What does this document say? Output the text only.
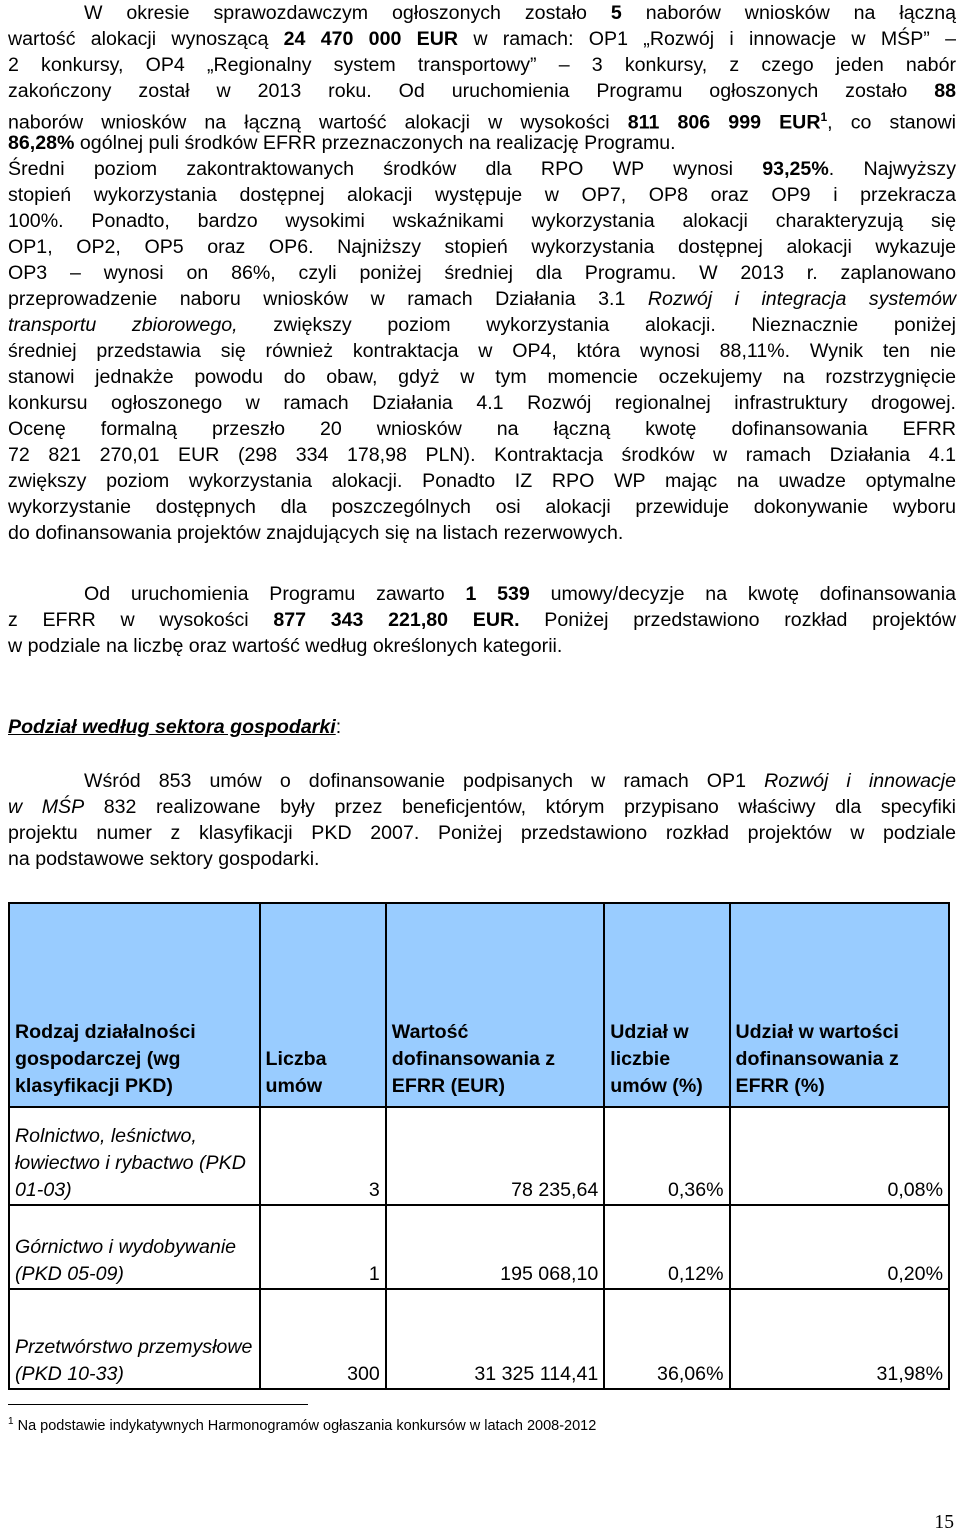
W okresie sprawozdawczym ogłoszonych zostało 5 naborów wniosków na łączną
wartość alokacji wynoszącą 24 470 000 EUR w ramach: OP1 „Rozwój i innowacje w MŚP” –
2 konkursy, OP4 „Regionalny system transportowy” – 3 konkursy, z czego jeden nabór
zakończony został w 2013 roku. Od uruchomienia Programu ogłoszonych zostało 88
naborów wniosków na łączną wartość alokacji w wysokości 811 806 999 EUR$^1$, co stanowi
86,28% ogólnej puli środków EFRR przeznaczonych na realizację Programu.
Średni poziom zakontraktowanych środków dla RPO WP wynosi 93,25%. Najwyższy
stopień wykorzystania dostępnej alokacji występuje w OP7, OP8 oraz OP9 i przekracza
100%. Ponadto, bardzo wysokimi wskaźnikami wykorzystania alokacji charakteryzują się
OP1, OP2, OP5 oraz OP6. Najniższy stopień wykorzystania dostępnej alokacji wykazuje
OP3 – wynosi on 86%, czyli poniżej średniej dla Programu. W 2013 r. zaplanowano
przeprowadzenie naboru wniosków w ramach Działania 3.1 Rozwój i integracja systemów
transportu zbiorowego, zwiększy poziom wykorzystania alokacji. Nieznacznie poniżej
średniej przedstawia się również kontraktacja w OP4, która wynosi 88,11%. Wynik ten nie
stanowi jednakże powodu do obaw, gdyż w tym momencie oczekujemy na rozstrzygnięcie
konkursu ogłoszonego w ramach Działania 4.1 Rozwój regionalnej infrastruktury drogowej.
Ocenę formalną przeszło 20 wniosków na łączną kwotę dofinansowania EFRR
72 821 270,01 EUR (298 334 178,98 PLN). Kontraktacja środków w ramach Działania 4.1
zwiększy poziom wykorzystania alokacji. Ponadto IZ RPO WP mając na uwadze optymalne
wykorzystanie dostępnych dla poszczególnych osi alokacji przewiduje dokonywanie wyboru
do dofinansowania projektów znajdujących się na listach rezerwowych.
Od uruchomienia Programu zawarto 1 539 umowy/decyzje na kwotę dofinansowania
z EFRR w wysokości 877 343 221,80 EUR. Poniżej przedstawiono rozkład projektów
w podziale na liczbę oraz wartość według określonych kategorii.
Podział według sektora gospodarki:
Wśród 853 umów o dofinansowanie podpisanych w ramach OP1 Rozwój i innowacje
w MŚP 832 realizowane były przez beneficjentów, którym przypisano właściwy dla specyfiki
projektu numer z klasyfikacji PKD 2007. Poniżej przedstawiono rozkład projektów w podziale
na podstawowe sektory gospodarki.
Rodzaj działalności gospodarczej (wg klasyfikacji PKD)	Liczba umów	Wartość dofinansowania z EFRR (EUR)	Udział w liczbie umów (%)	Udział w wartości dofinansowania z EFRR (%)
Rolnictwo, leśnictwo, łowiectwo i rybactwo (PKD 01-03)	3	78 235,64	0,36%	0,08%
Górnictwo i wydobywanie (PKD 05-09)	1	195 068,10	0,12%	0,20%
Przetwórstwo przemysłowe (PKD 10-33)	300	31 325 114,41	36,06%	31,98%
$^1$ Na podstawie indykatywnych Harmonogramów ogłaszania konkursów w latach 2008-2012
15
